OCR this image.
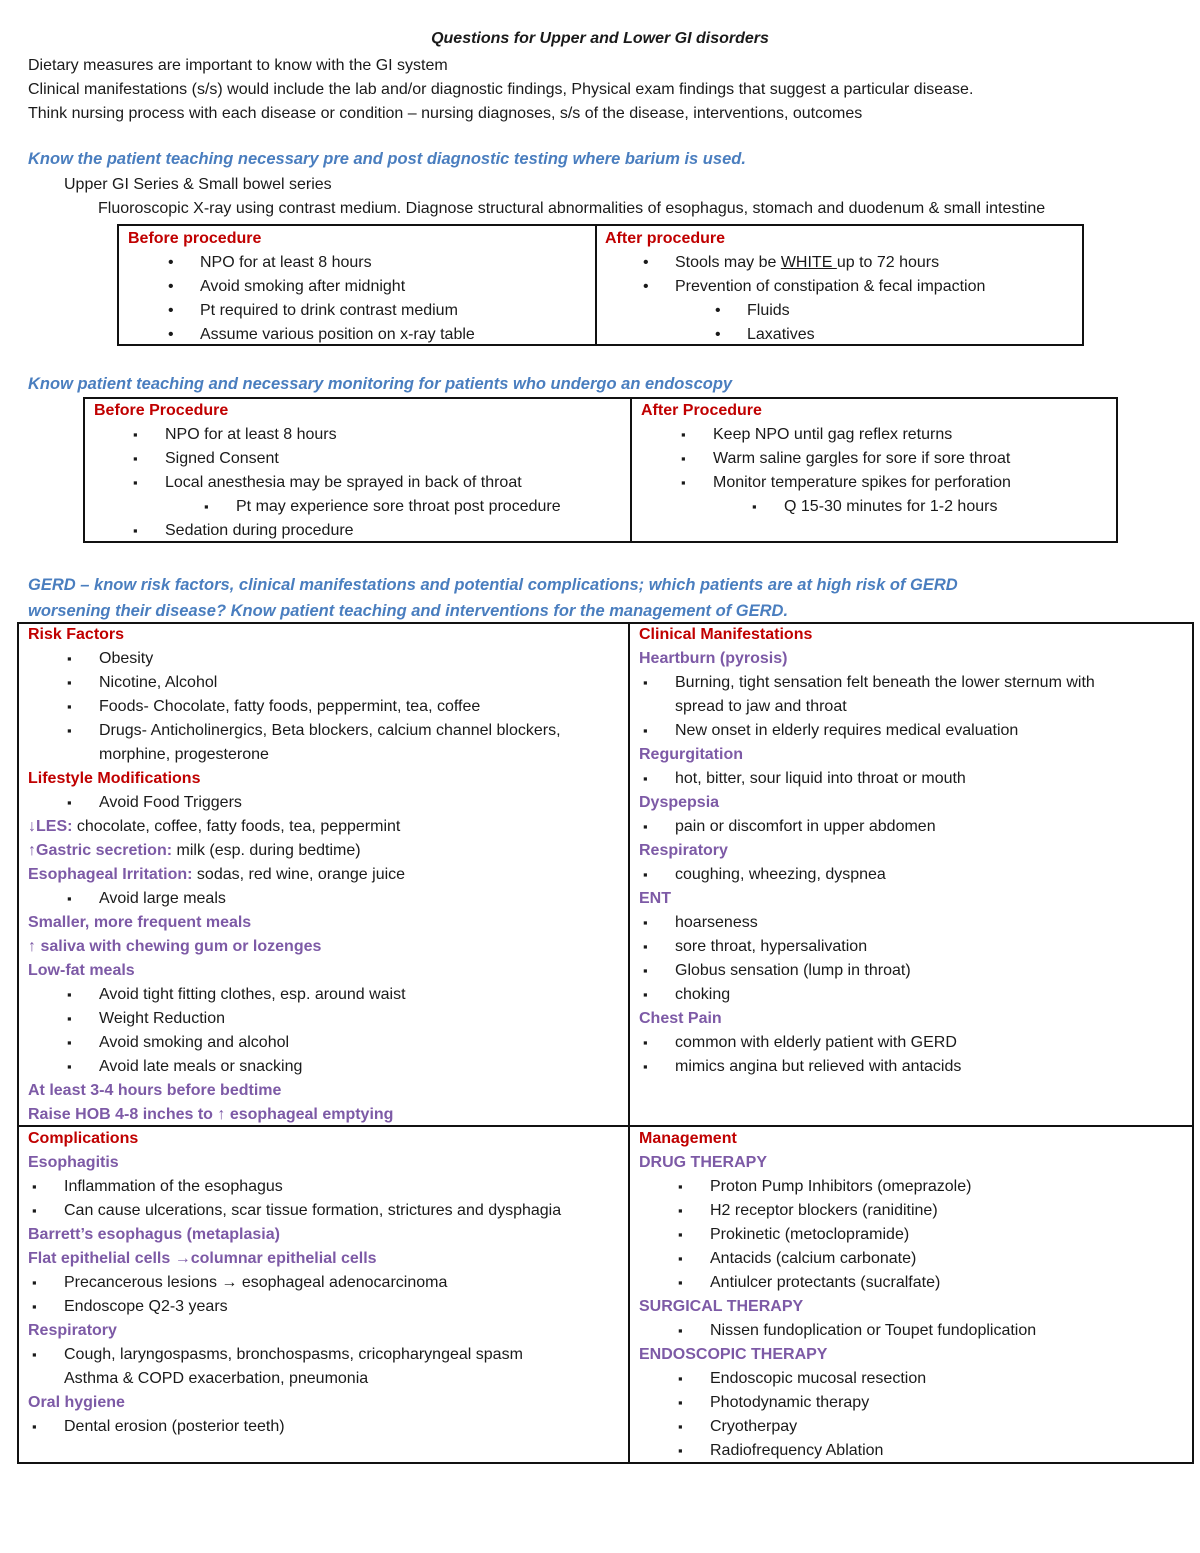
Questions for Upper and Lower GI disorders
Dietary measures are important to know with the GI system
Clinical manifestations (s/s) would include the lab and/or diagnostic findings, Physical exam findings that suggest a particular disease.
Think nursing process with each disease or condition – nursing diagnoses, s/s of the disease, interventions, outcomes
Know the patient teaching necessary pre and post diagnostic testing where barium is used.
Upper GI Series & Small bowel series
Fluoroscopic X-ray using contrast medium. Diagnose structural abnormalities of esophagus, stomach and duodenum & small intestine
Before procedure
• NPO for at least 8 hours
• Avoid smoking after midnight
• Pt required to drink contrast medium
• Assume various position on x-ray table
After procedure
• Stools may be WHITE up to 72 hours
• Prevention of constipation & fecal impaction
• Fluids
• Laxatives
Know patient teaching and necessary monitoring for patients who undergo an endoscopy
Before Procedure
▪ NPO for at least 8 hours
▪ Signed Consent
▪ Local anesthesia may be sprayed in back of throat
▪ Pt may experience sore throat post procedure
▪ Sedation during procedure
After Procedure
▪ Keep NPO until gag reflex returns
▪ Warm saline gargles for sore if sore throat
▪ Monitor temperature spikes for perforation
▪ Q 15-30 minutes for 1-2 hours
GERD – know risk factors, clinical manifestations and potential complications; which patients are at high risk of GERD
worsening their disease? Know patient teaching and interventions for the management of GERD.
Risk Factors
▪ Obesity
▪ Nicotine, Alcohol
▪ Foods- Chocolate, fatty foods, peppermint, tea, coffee
▪ Drugs- Anticholinergics, Beta blockers, calcium channel blockers,
morphine, progesterone
Lifestyle Modifications
▪ Avoid Food Triggers
↓LES: chocolate, coffee, fatty foods, tea, peppermint
↑Gastric secretion: milk (esp. during bedtime)
Esophageal Irritation: sodas, red wine, orange juice
▪ Avoid large meals
Smaller, more frequent meals
↑ saliva with chewing gum or lozenges
Low-fat meals
▪ Avoid tight fitting clothes, esp. around waist
▪ Weight Reduction
▪ Avoid smoking and alcohol
▪ Avoid late meals or snacking
At least 3-4 hours before bedtime
Raise HOB 4-8 inches to ↑ esophageal emptying
Clinical Manifestations
Heartburn (pyrosis)
▪ Burning, tight sensation felt beneath the lower sternum with
spread to jaw and throat
▪ New onset in elderly requires medical evaluation
Regurgitation
▪ hot, bitter, sour liquid into throat or mouth
Dyspepsia
▪ pain or discomfort in upper abdomen
Respiratory
▪ coughing, wheezing, dyspnea
ENT
▪ hoarseness
▪ sore throat, hypersalivation
▪ Globus sensation (lump in throat)
▪ choking
Chest Pain
▪ common with elderly patient with GERD
▪ mimics angina but relieved with antacids
Complications
Esophagitis
▪ Inflammation of the esophagus
▪ Can cause ulcerations, scar tissue formation, strictures and dysphagia
Barrett’s esophagus (metaplasia)
Flat epithelial cells →columnar epithelial cells
▪ Precancerous lesions → esophageal adenocarcinoma
▪ Endoscope Q2-3 years
Respiratory
▪ Cough, laryngospasms, bronchospasms, cricopharyngeal spasm
Asthma & COPD exacerbation, pneumonia
Oral hygiene
▪ Dental erosion (posterior teeth)
Management
DRUG THERAPY
▪ Proton Pump Inhibitors (omeprazole)
▪ H2 receptor blockers (raniditine)
▪ Prokinetic (metoclopramide)
▪ Antacids (calcium carbonate)
▪ Antiulcer protectants (sucralfate)
SURGICAL THERAPY
▪ Nissen fundoplication or Toupet fundoplication
ENDOSCOPIC THERAPY
▪ Endoscopic mucosal resection
▪ Photodynamic therapy
▪ Cryotherpay
▪ Radiofrequency Ablation
